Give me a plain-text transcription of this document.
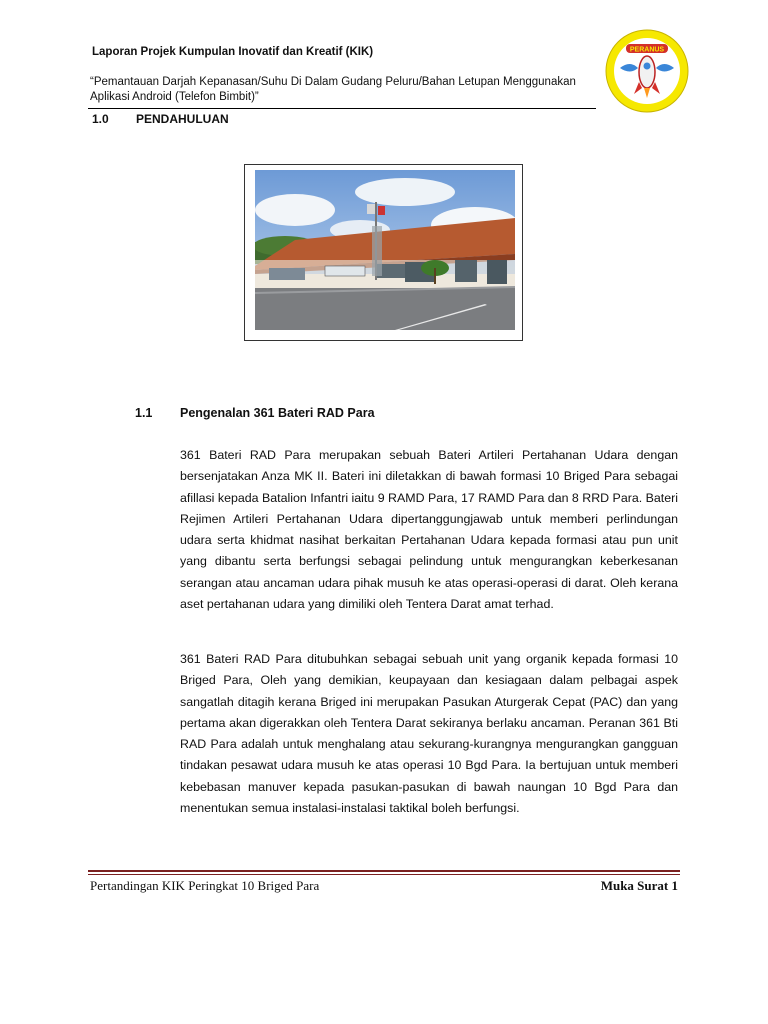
Laporan Projek Kumpulan Inovatif dan Kreatif (KIK)
“Pemantauan Darjah Kepanasan/Suhu Di Dalam Gudang Peluru/Bahan Letupan Menggunakan Aplikasi Android (Telefon Bimbit)”
PERANUS
1.0 PENDAHULUAN
1.1 Pengenalan 361 Bateri RAD Para

361 Bateri RAD Para merupakan sebuah Bateri Artileri Pertahanan Udara dengan bersenjatakan Anza MK II. Bateri ini diletakkan di bawah formasi 10 Briged Para sebagai afillasi kepada Batalion Infantri iaitu 9 RAMD Para, 17 RAMD Para dan 8 RRD Para. Bateri Rejimen Artileri Pertahanan Udara dipertanggungjawab untuk memberi perlindungan udara serta khidmat nasihat berkaitan Pertahanan Udara kepada formasi atau pun unit yang dibantu serta berfungsi sebagai pelindung untuk mengurangkan keberkesanan serangan atau ancaman udara pihak musuh ke atas operasi-operasi di darat. Oleh kerana aset pertahanan udara yang dimiliki oleh Tentera Darat amat terhad.

361 Bateri RAD Para ditubuhkan sebagai sebuah unit yang organik kepada formasi 10 Briged Para, Oleh yang demikian, keupayaan dan kesiagaan dalam pelbagai aspek sangatlah ditagih kerana Briged ini merupakan Pasukan Aturgerak Cepat (PAC) dan yang pertama akan digerakkan oleh Tentera Darat sekiranya berlaku ancaman. Peranan 361 Bti RAD Para adalah untuk menghalang atau sekurang-kurangnya mengurangkan gangguan tindakan pesawat udara musuh ke atas operasi 10 Bgd Para. Ia bertujuan untuk memberi kebebasan manuver kepada pasukan-pasukan di bawah naungan 10 Bgd Para dan menentukan semua instalasi-instalasi taktikal boleh berfungsi.

Pertandingan KIK Peringkat 10 Briged Para	Muka Surat 1
